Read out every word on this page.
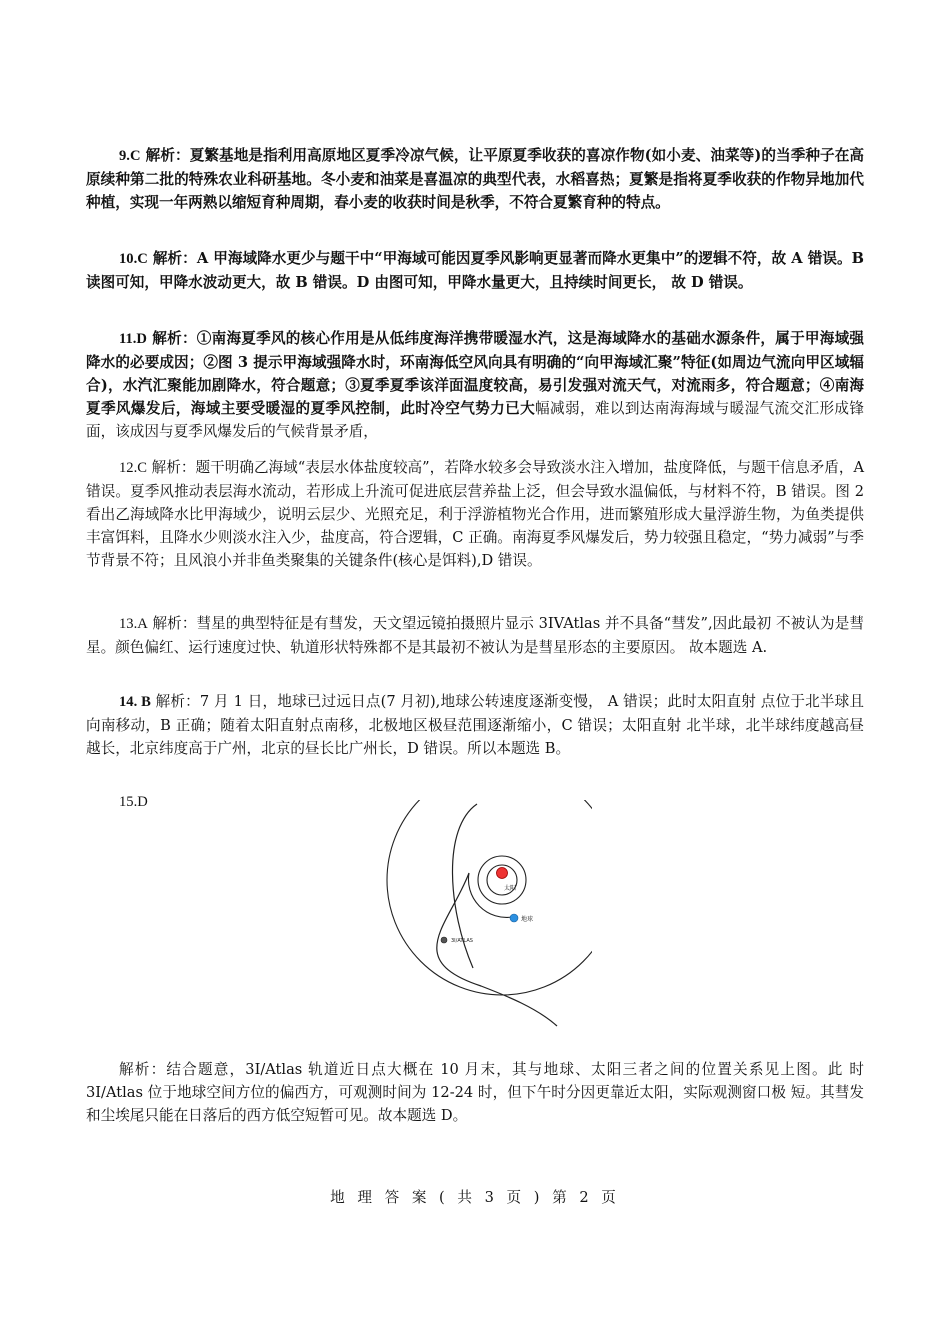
9.C 解析：夏繁基地是指利用高原地区夏季冷凉气候，让平原夏季收获的喜凉作物(如小麦、油菜等)的当季种子在高原续种第二批的特殊农业科研基地。冬小麦和油菜是喜温凉的典型代表，水稻喜热；夏繁是指将夏季收获的作物异地加代种植，实现一年两熟以缩短育种周期，春小麦的收获时间是秋季，不符合夏繁育种的特点。

10.C 解析：A 甲海域降水更少与题干中“甲海域可能因夏季风影响更显著而降水更集中”的逻辑不符，故 A 错误。B 读图可知，甲降水波动更大，故 B 错误。D 由图可知，甲降水量更大，且持续时间更长， 故 D 错误。

11.D 解析：①南海夏季风的核心作用是从低纬度海洋携带暖湿水汽，这是海域降水的基础水源条件，属于甲海域强降水的必要成因；②图 3 提示甲海域强降水时，环南海低空风向具有明确的“向甲海域汇聚”特征(如周边气流向甲区域辐合)，水汽汇聚能加剧降水，符合题意；③夏季夏季该洋面温度较高，易引发强对流天气，对流雨多，符合题意；④南海夏季风爆发后，海域主要受暖湿的夏季风控制，此时冷空气势力已大幅减弱，难以到达南海海域与暖湿气流交汇形成锋面，该成因与夏季风爆发后的气候背景矛盾，

12.C 解析：题干明确乙海域“表层水体盐度较高”，若降水较多会导致淡水注入增加，盐度降低，与题干信息矛盾，A 错误。夏季风推动表层海水流动，若形成上升流可促进底层营养盐上泛，但会导致水温偏低，与材料不符，B 错误。图 2 看出乙海域降水比甲海域少，说明云层少、光照充足，利于浮游植物光合作用，进而繁殖形成大量浮游生物，为鱼类提供丰富饵料，且降水少则淡水注入少，盐度高，符合逻辑，C 正确。南海夏季风爆发后，势力较强且稳定，“势力减弱”与季节背景不符；且风浪小并非鱼类聚集的关键条件(核心是饵料),D 错误。

13.A 解析：彗星的典型特征是有彗发，天文望远镜拍摄照片显示 3IVAtlas 并不具备“彗发”,因此最初 不被认为是彗星。颜色偏红、运行速度过快、轨道形状特殊都不是其最初不被认为是彗星形态的主要原因。 故本题选 A.

14. B 解析：7 月 1 日，地球已过远日点(7 月初),地球公转速度逐渐变慢， A 错误；此时太阳直射 点位于北半球且向南移动，B 正确；随着太阳直射点南移，北极地区极昼范围逐渐缩小，C 错误；太阳直射 北半球，北半球纬度越高昼越长，北京纬度高于广州，北京的昼长比广州长，D 错误。所以本题选 B。

15.D

太阳
地球
3I/ATLAS

解析：结合题意，3I/Atlas 轨道近日点大概在 10 月末，其与地球、太阳三者之间的位置关系见上图。此 时 3I/Atlas 位于地球空间方位的偏西方，可观测时间为 12-24 时，但下午时分因更靠近太阳，实际观测窗口极 短。其彗发和尘埃尾只能在日落后的西方低空短暂可见。故本题选 D。

地 理 答 案 ( 共 3 页 ) 第 2 页
